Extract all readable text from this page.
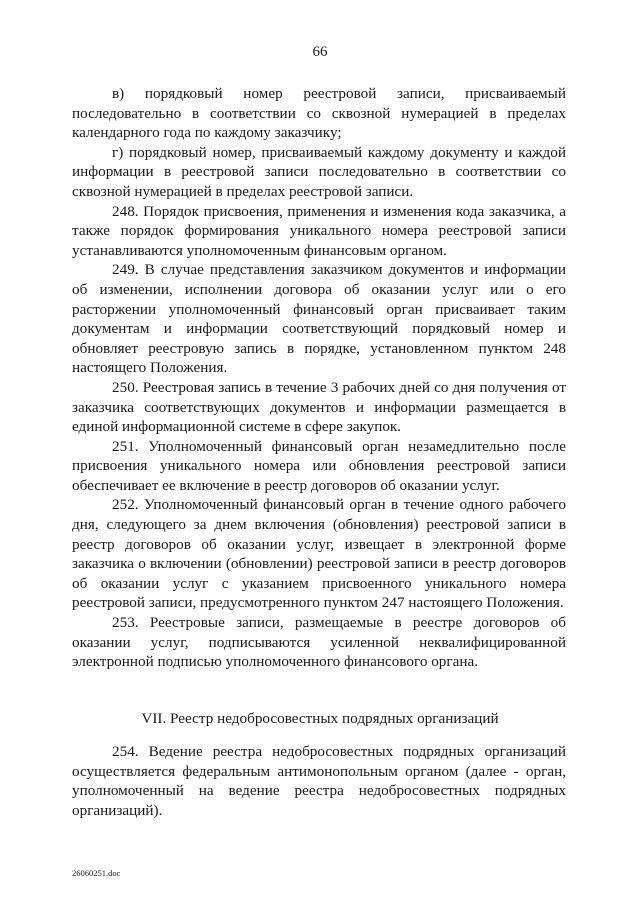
66

в) порядковый номер реестровой записи, присваиваемый последовательно в соответствии со сквозной нумерацией в пределах календарного года по каждому заказчику;

г) порядковый номер, присваиваемый каждому документу и каждой информации в реестровой записи последовательно в соответствии со сквозной нумерацией в пределах реестровой записи.

248. Порядок присвоения, применения и изменения кода заказчика, а также порядок формирования уникального номера реестровой записи устанавливаются уполномоченным финансовым органом.

249. В случае представления заказчиком документов и информации об изменении, исполнении договора об оказании услуг или о его расторжении уполномоченный финансовый орган присваивает таким документам и информации соответствующий порядковый номер и обновляет реестровую запись в порядке, установленном пунктом 248 настоящего Положения.

250. Реестровая запись в течение 3 рабочих дней со дня получения от заказчика соответствующих документов и информации размещается в единой информационной системе в сфере закупок.

251. Уполномоченный финансовый орган незамедлительно после присвоения уникального номера или обновления реестровой записи обеспечивает ее включение в реестр договоров об оказании услуг.

252. Уполномоченный финансовый орган в течение одного рабочего дня, следующего за днем включения (обновления) реестровой записи в реестр договоров об оказании услуг, извещает в электронной форме заказчика о включении (обновлении) реестровой записи в реестр договоров об оказании услуг с указанием присвоенного уникального номера реестровой записи, предусмотренного пунктом 247 настоящего Положения.

253. Реестровые записи, размещаемые в реестре договоров об оказании услуг, подписываются усиленной неквалифицированной электронной подписью уполномоченного финансового органа.

VII. Реестр недобросовестных подрядных организаций

254. Ведение реестра недобросовестных подрядных организаций осуществляется федеральным антимонопольным органом (далее - орган, уполномоченный на ведение реестра недобросовестных подрядных организаций).

26060251.doc
